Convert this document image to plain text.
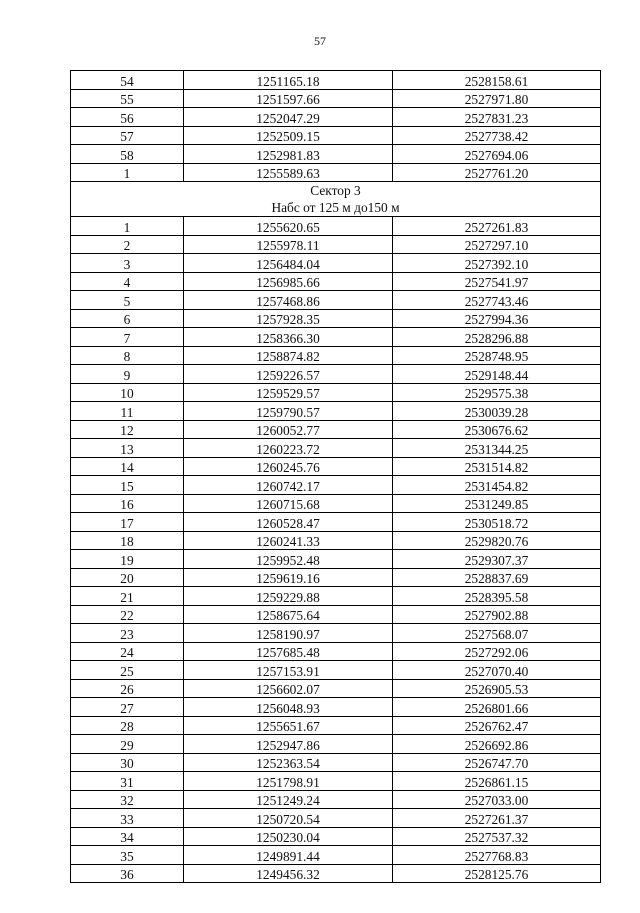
57
54	1251165.18	2528158.61
55	1251597.66	2527971.80
56	1252047.29	2527831.23
57	1252509.15	2527738.42
58	1252981.83	2527694.06
1	1255589.63	2527761.20

Сектор 3
Набс от 125 м до150 м		

1	1255620.65	2527261.83
2	1255978.11	2527297.10
3	1256484.04	2527392.10
4	1256985.66	2527541.97
5	1257468.86	2527743.46
6	1257928.35	2527994.36
7	1258366.30	2528296.88
8	1258874.82	2528748.95
9	1259226.57	2529148.44
10	1259529.57	2529575.38
11	1259790.57	2530039.28
12	1260052.77	2530676.62
13	1260223.72	2531344.25
14	1260245.76	2531514.82
15	1260742.17	2531454.82
16	1260715.68	2531249.85
17	1260528.47	2530518.72
18	1260241.33	2529820.76
19	1259952.48	2529307.37
20	1259619.16	2528837.69
21	1259229.88	2528395.58
22	1258675.64	2527902.88
23	1258190.97	2527568.07
24	1257685.48	2527292.06
25	1257153.91	2527070.40
26	1256602.07	2526905.53
27	1256048.93	2526801.66
28	1255651.67	2526762.47
29	1252947.86	2526692.86
30	1252363.54	2526747.70
31	1251798.91	2526861.15
32	1251249.24	2527033.00
33	1250720.54	2527261.37
34	1250230.04	2527537.32
35	1249891.44	2527768.83
36	1249456.32	2528125.76
